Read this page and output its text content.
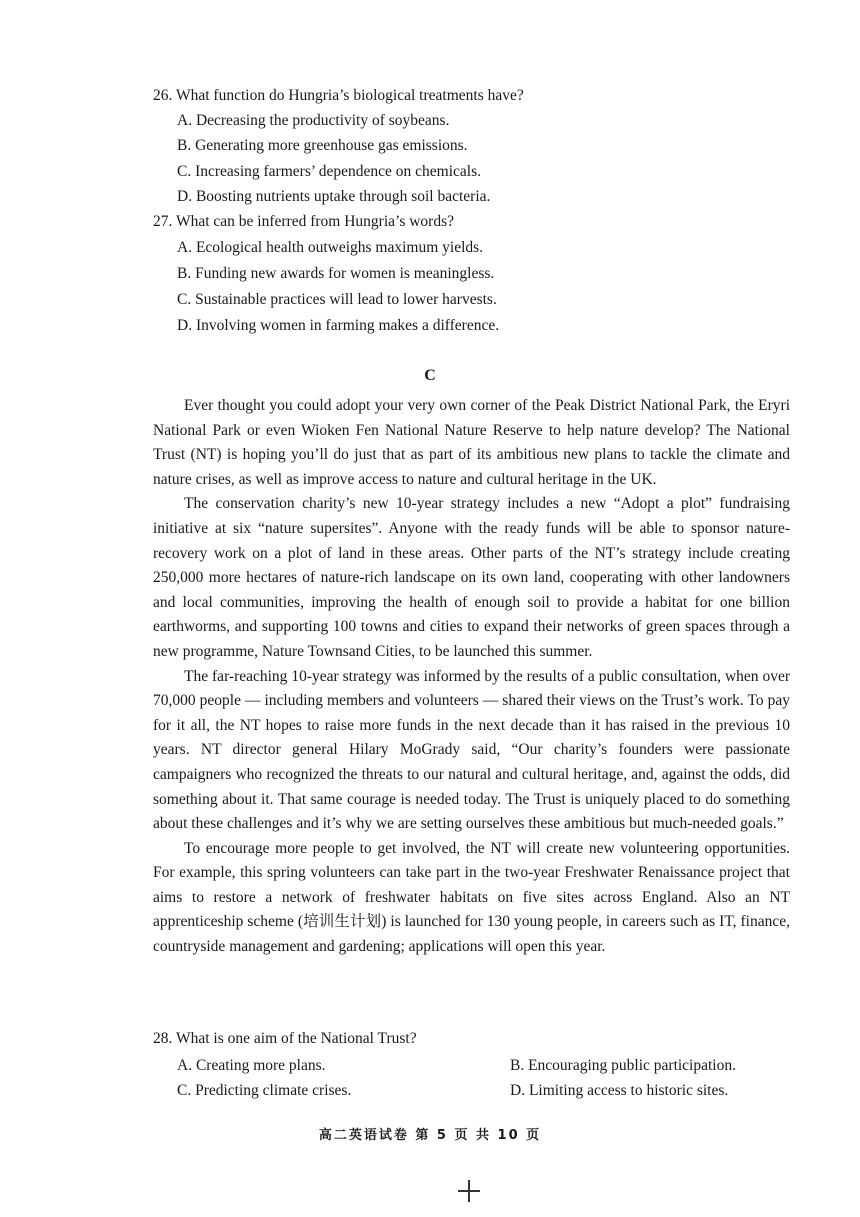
26. What function do Hungria’s biological treatments have?
A. Decreasing the productivity of soybeans.
B. Generating more greenhouse gas emissions.
C. Increasing farmers’ dependence on chemicals.
D. Boosting nutrients uptake through soil bacteria.
27. What can be inferred from Hungria’s words?
A. Ecological health outweighs maximum yields.
B. Funding new awards for women is meaningless.
C. Sustainable practices will lead to lower harvests.
D. Involving women in farming makes a difference.
C

Ever thought you could adopt your very own corner of the Peak District National Park, the Eryri National Park or even Wioken Fen National Nature Reserve to help nature develop? The National Trust (NT) is hoping you’ll do just that as part of its ambitious new plans to tackle the climate and nature crises, as well as improve access to nature and cultural heritage in the UK.

The conservation charity’s new 10-year strategy includes a new “Adopt a plot” fundraising initiative at six “nature supersites”. Anyone with the ready funds will be able to sponsor nature-recovery work on a plot of land in these areas. Other parts of the NT’s strategy include creating 250,000 more hectares of nature-rich landscape on its own land, cooperating with other landowners and local communities, improving the health of enough soil to provide a habitat for one billion earthworms, and supporting 100 towns and cities to expand their networks of green spaces through a new programme, Nature Townsand Cities, to be launched this summer.

The far-reaching 10-year strategy was informed by the results of a public consultation, when over 70,000 people — including members and volunteers — shared their views on the Trust’s work. To pay for it all, the NT hopes to raise more funds in the next decade than it has raised in the previous 10 years. NT director general Hilary MoGrady said, “Our charity’s founders were passionate campaigners who recognized the threats to our natural and cultural heritage, and, against the odds, did something about it. That same courage is needed today. The Trust is uniquely placed to do something about these challenges and it’s why we are setting ourselves these ambitious but much-needed goals.”

To encourage more people to get involved, the NT will create new volunteering opportunities. For example, this spring volunteers can take part in the two-year Freshwater Renaissance project that aims to restore a network of freshwater habitats on five sites across England. Also an NT apprenticeship scheme (培训生计划) is launched for 130 young people, in careers such as IT, finance, countryside management and gardening; applications will open this year.

28. What is one aim of the National Trust?
A. Creating more plans.	B. Encouraging public participation.
C. Predicting climate crises.	D. Limiting access to historic sites.
高二英语试卷 第 5 页 共 10 页
